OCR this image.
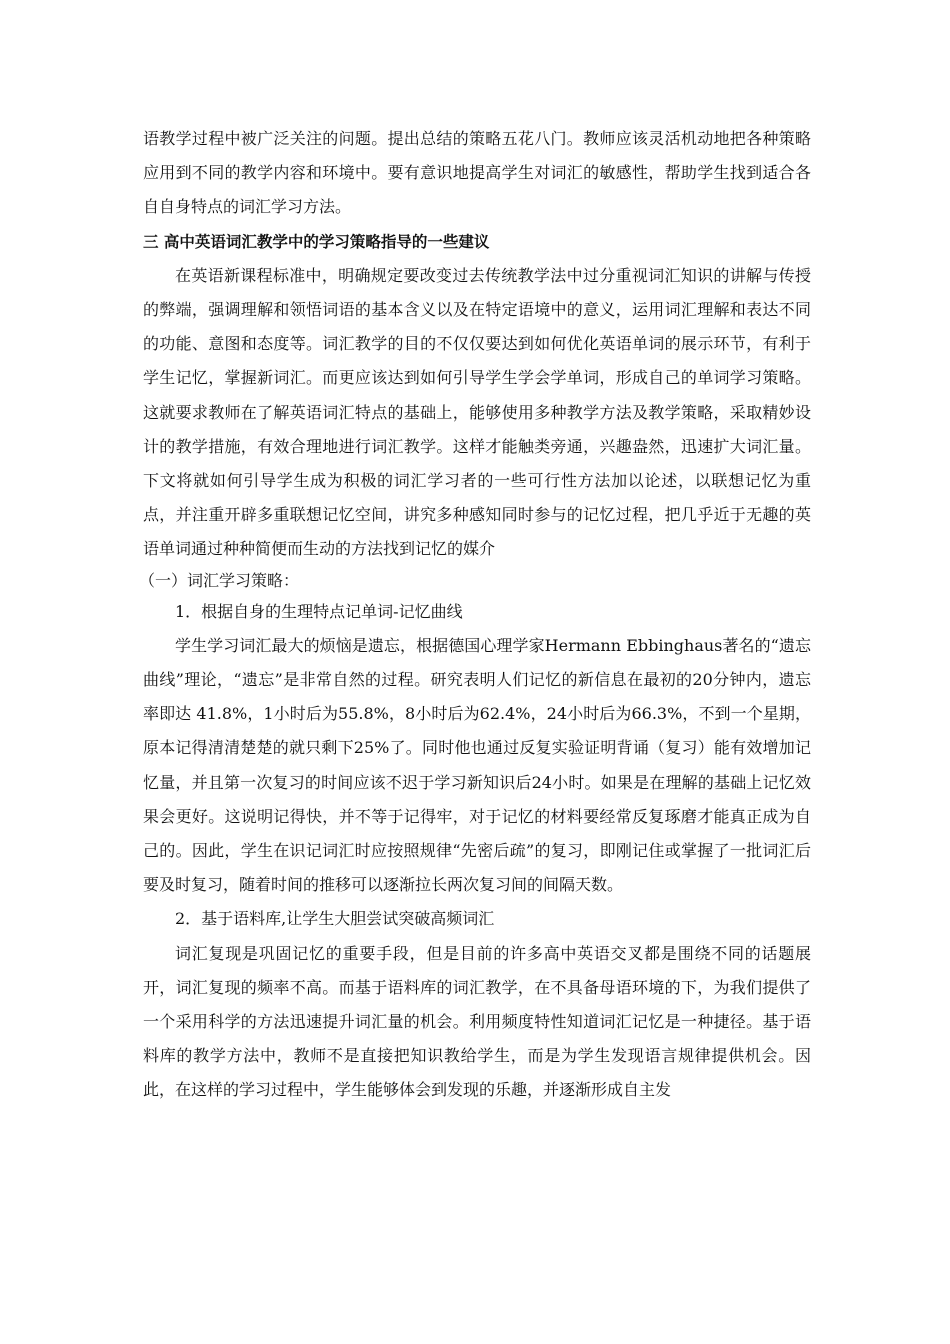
语教学过程中被广泛关注的问题。提出总结的策略五花八门。教师应该灵活机动地把各种策略应用到不同的教学内容和环境中。要有意识地提高学生对词汇的敏感性，帮助学生找到适合各自自身特点的词汇学习方法。

三 高中英语词汇教学中的学习策略指导的一些建议

在英语新课程标准中，明确规定要改变过去传统教学法中过分重视词汇知识的讲解与传授的弊端，强调理解和领悟词语的基本含义以及在特定语境中的意义，运用词汇理解和表达不同的功能、意图和态度等。词汇教学的目的不仅仅要达到如何优化英语单词的展示环节，有利于学生记忆，掌握新词汇。而更应该达到如何引导学生学会学单词，形成自己的单词学习策略。这就要求教师在了解英语词汇特点的基础上，能够使用多种教学方法及教学策略，采取精妙设计的教学措施，有效合理地进行词汇教学。这样才能触类旁通，兴趣盎然，迅速扩大词汇量。 下文将就如何引导学生成为积极的词汇学习者的一些可行性方法加以论述，以联想记忆为重点，并注重开辟多重联想记忆空间，讲究多种感知同时参与的记忆过程，把几乎近于无趣的英语单词通过种种简便而生动的方法找到记忆的媒介

（一）词汇学习策略：

1．根据自身的生理特点记单词-记忆曲线

学生学习词汇最大的烦恼是遗忘，根据德国心理学家Hermann Ebbinghaus著名的“遗忘曲线”理论，“遗忘”是非常自然的过程。研究表明人们记忆的新信息在最初的20分钟内，遗忘率即达 41.8%，1小时后为55.8%，8小时后为62.4%，24小时后为66.3%，不到一个星期，原本记得清清楚楚的就只剩下25%了。同时他也通过反复实验证明背诵（复习）能有效增加记忆量，并且第一次复习的时间应该不迟于学习新知识后24小时。如果是在理解的基础上记忆效果会更好。这说明记得快，并不等于记得牢，对于记忆的材料要经常反复琢磨才能真正成为自己的。因此，学生在识记词汇时应按照规律“先密后疏”的复习，即刚记住或掌握了一批词汇后要及时复习，随着时间的推移可以逐渐拉长两次复习间的间隔天数。

2．基于语料库,让学生大胆尝试突破高频词汇

词汇复现是巩固记忆的重要手段，但是目前的许多高中英语交叉都是围绕不同的话题展开，词汇复现的频率不高。而基于语料库的词汇教学，在不具备母语环境的下，为我们提供了一个采用科学的方法迅速提升词汇量的机会。利用频度特性知道词汇记忆是一种捷径。基于语料库的教学方法中，教师不是直接把知识教给学生，而是为学生发现语言规律提供机会。因此，在这样的学习过程中，学生能够体会到发现的乐趣，并逐渐形成自主发
